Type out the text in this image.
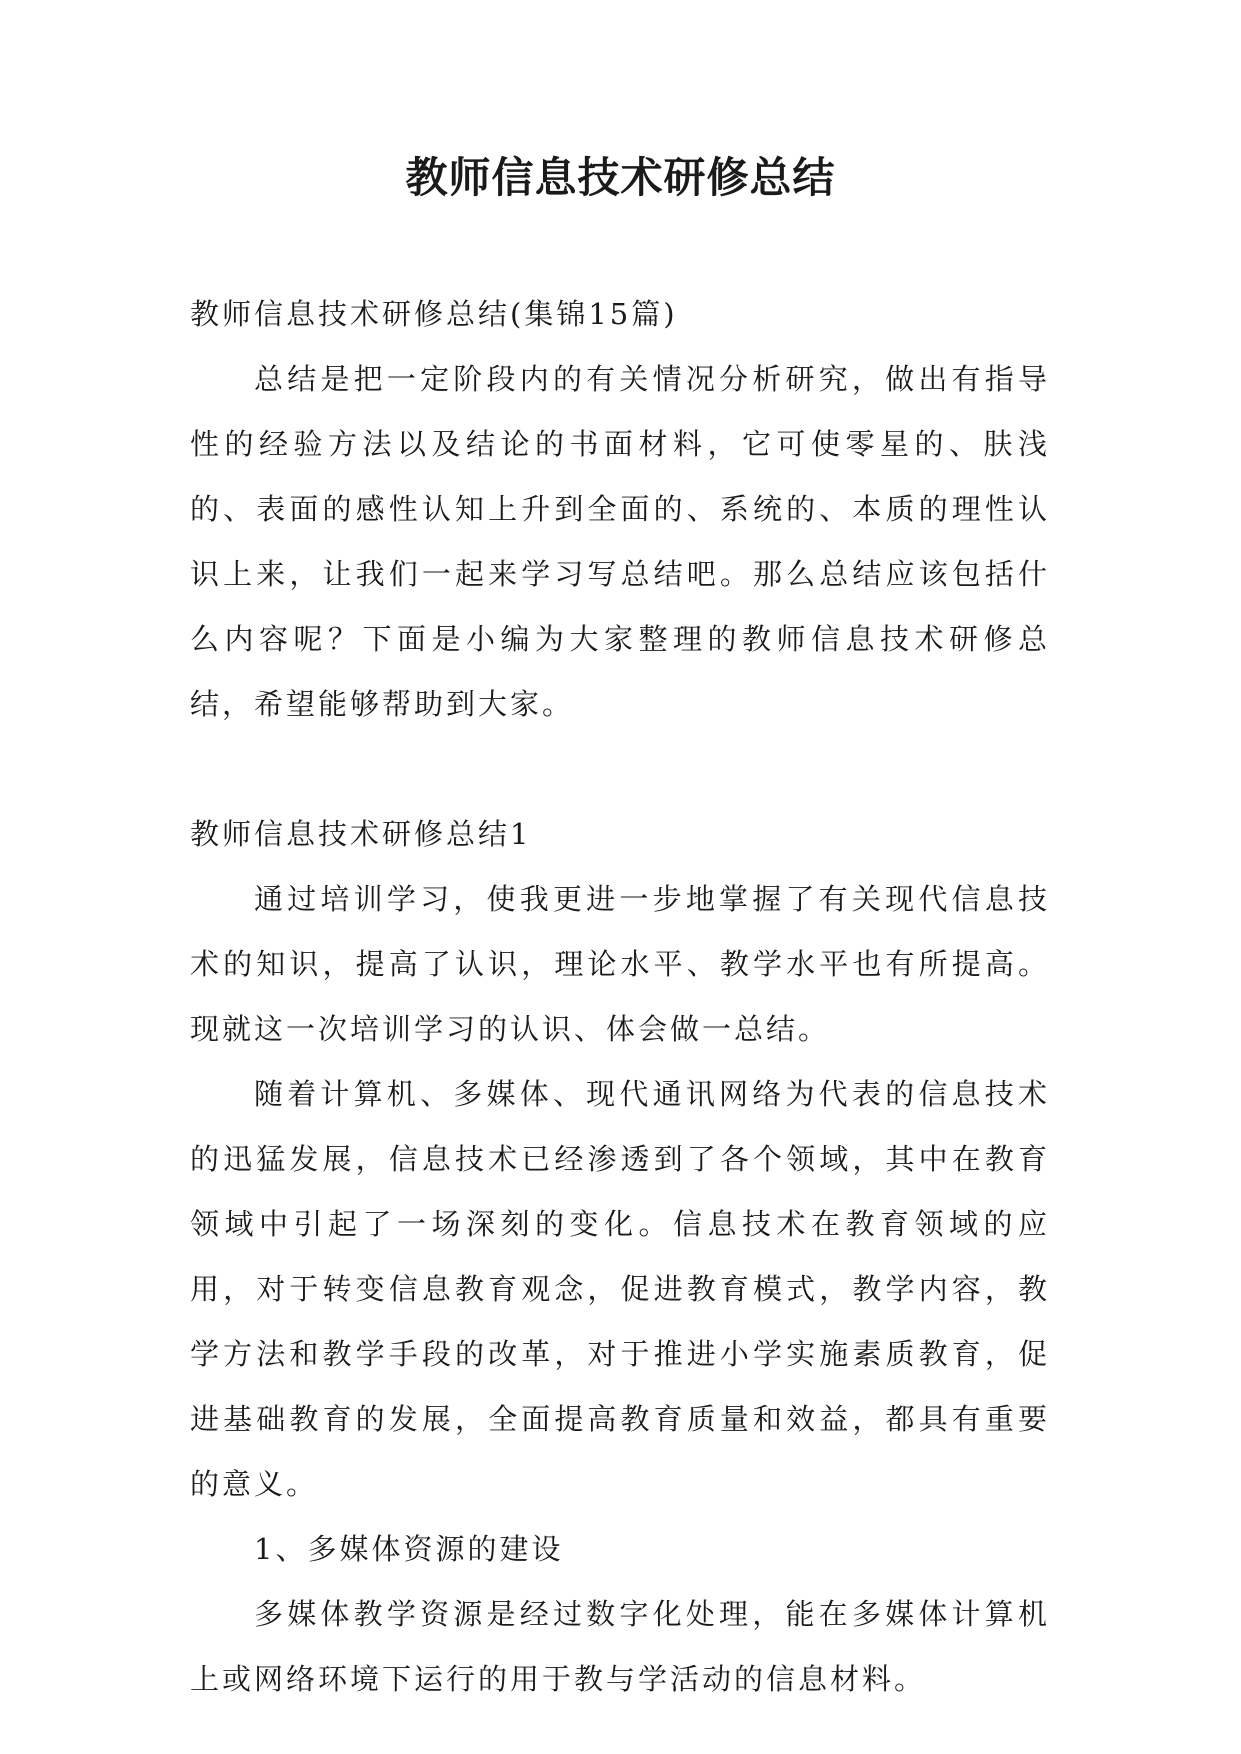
教师信息技术研修总结

教师信息技术研修总结(集锦15篇)

总结是把一定阶段内的有关情况分析研究，做出有指导性的经验方法以及结论的书面材料，它可使零星的、肤浅的、表面的感性认知上升到全面的、系统的、本质的理性认识上来，让我们一起来学习写总结吧。那么总结应该包括什么内容呢？下面是小编为大家整理的教师信息技术研修总结，希望能够帮助到大家。

教师信息技术研修总结1

通过培训学习，使我更进一步地掌握了有关现代信息技术的知识，提高了认识，理论水平、教学水平也有所提高。现就这一次培训学习的认识、体会做一总结。

随着计算机、多媒体、现代通讯网络为代表的信息技术的迅猛发展，信息技术已经渗透到了各个领域，其中在教育领域中引起了一场深刻的变化。信息技术在教育领域的应用，对于转变信息教育观念，促进教育模式，教学内容，教学方法和教学手段的改革，对于推进小学实施素质教育，促进基础教育的发展，全面提高教育质量和效益，都具有重要的意义。

1、多媒体资源的建设

多媒体教学资源是经过数字化处理，能在多媒体计算机上或网络环境下运行的用于教与学活动的信息材料。
